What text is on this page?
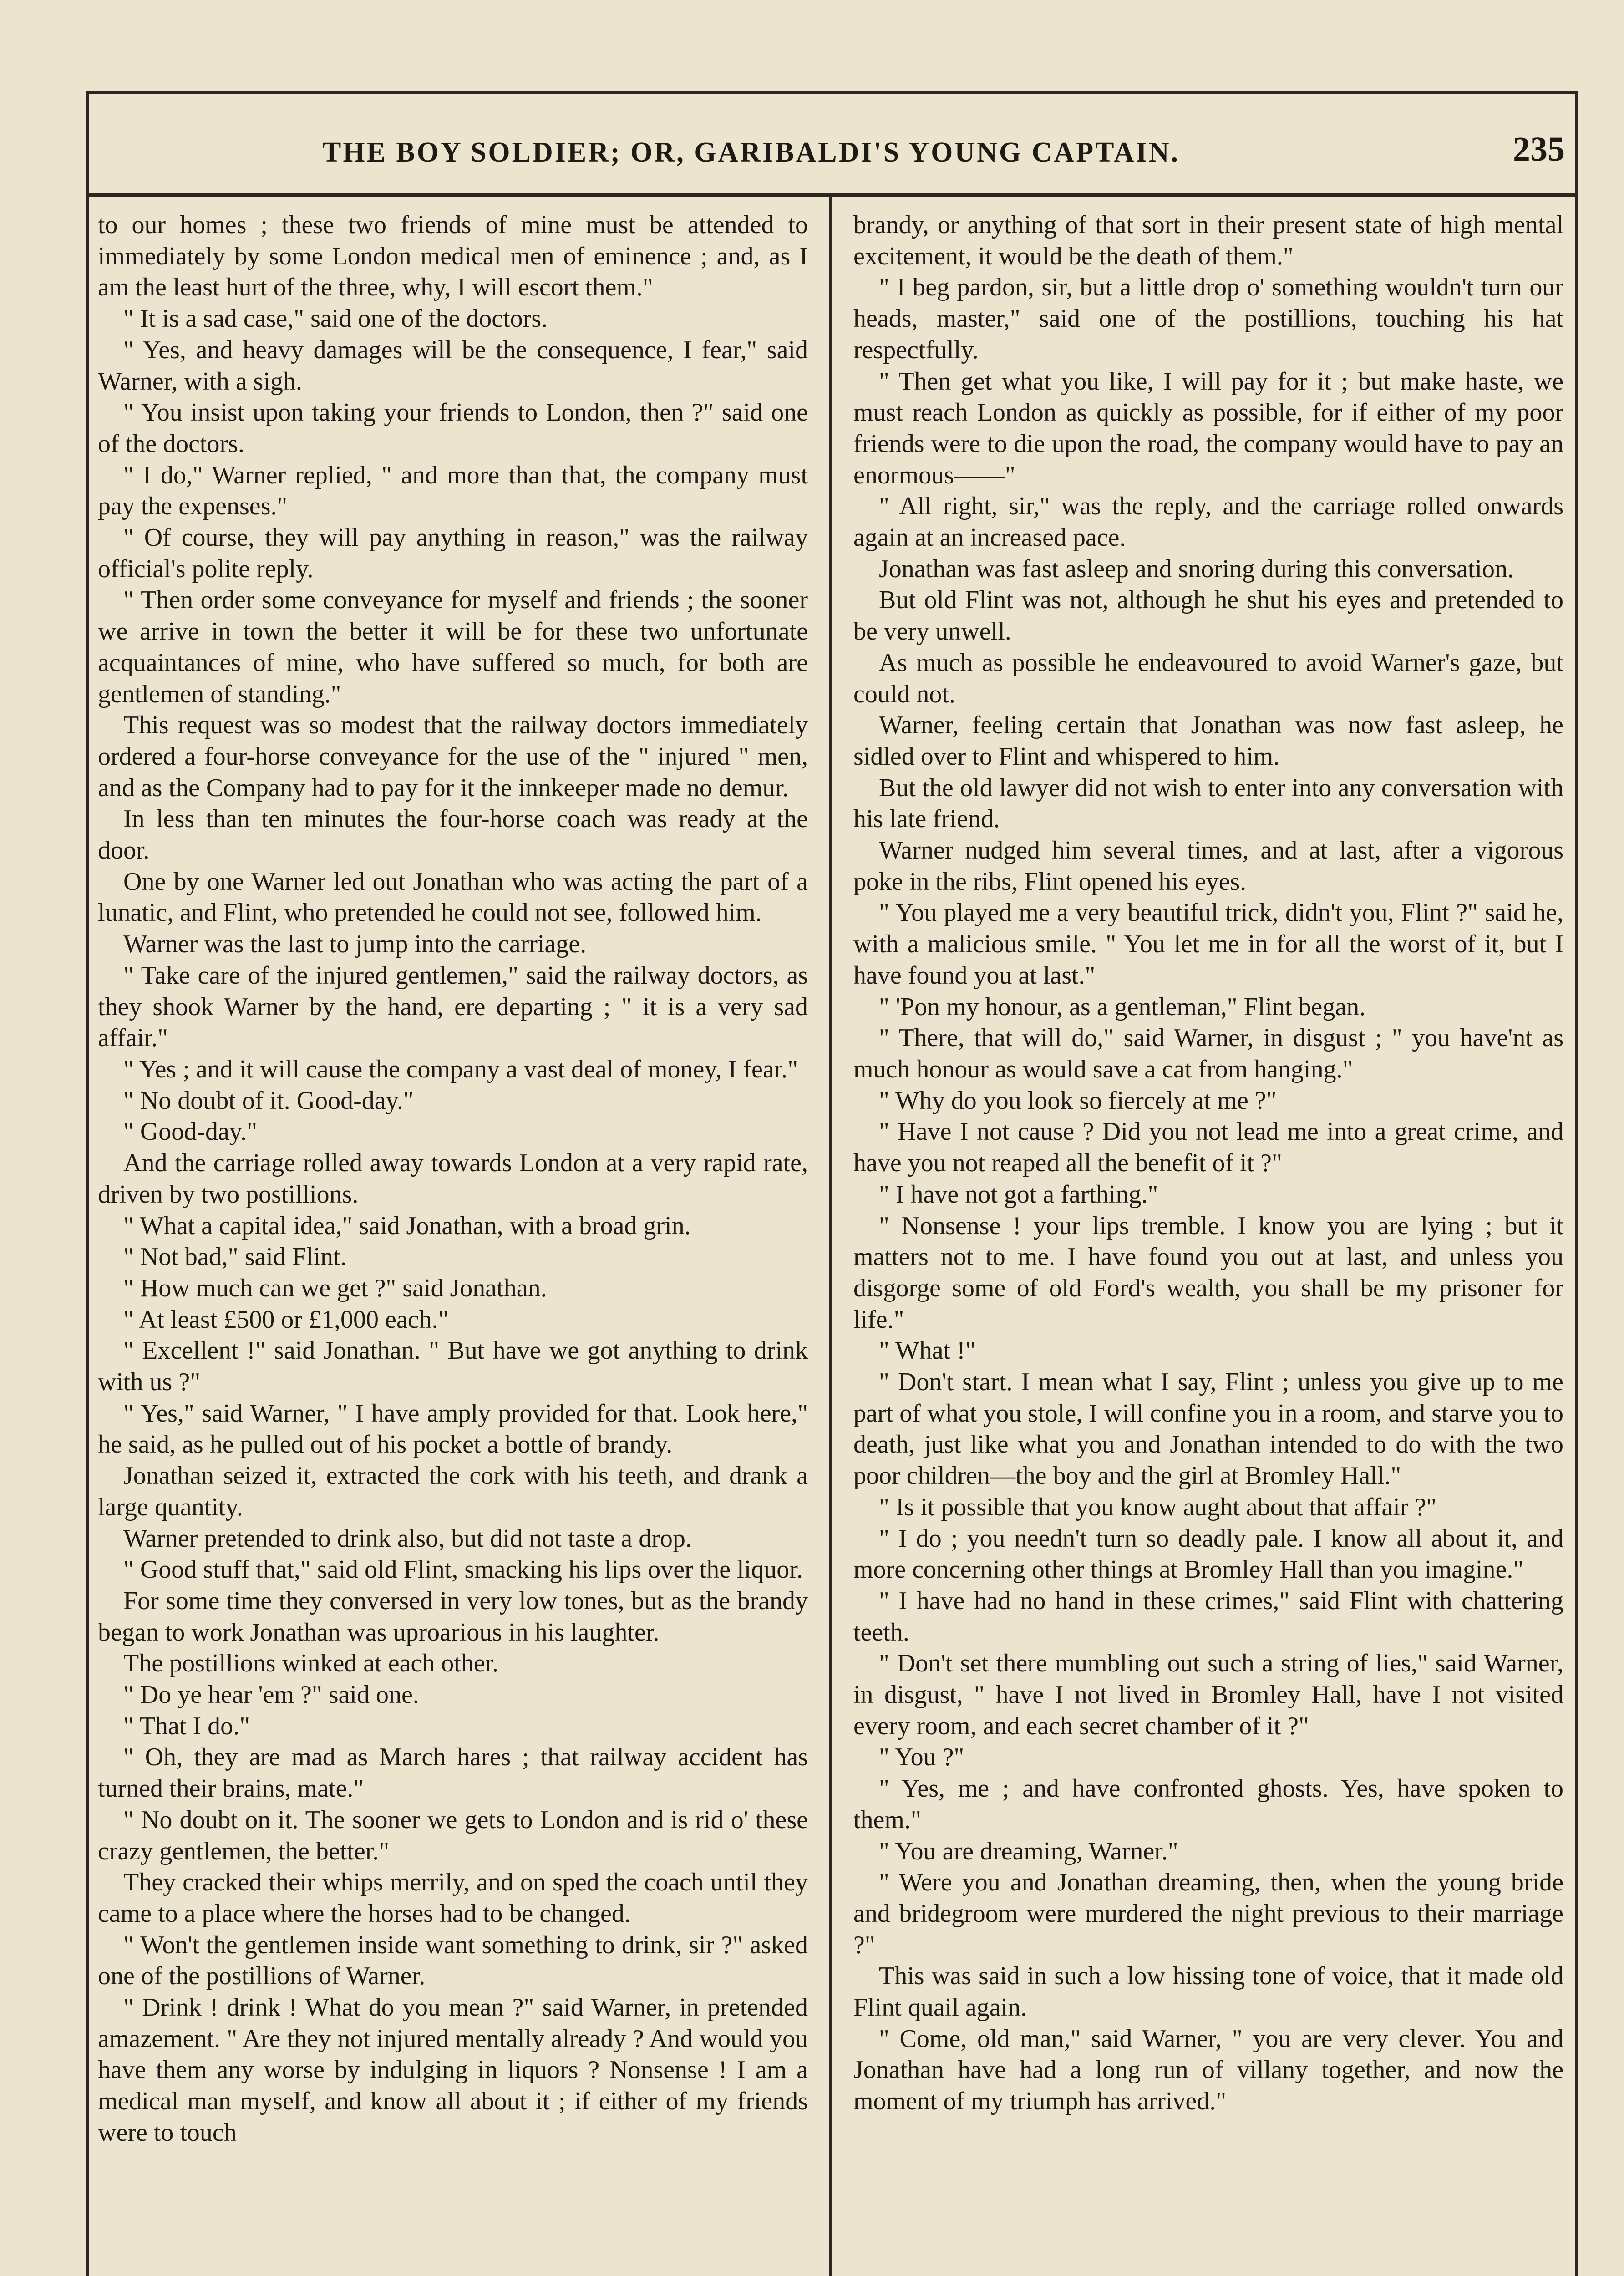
THE BOY SOLDIER; OR, GARIBALDI'S YOUNG CAPTAIN.	235

to our homes ; these two friends of mine must be attended to immediately by some London medical men of eminence ; and, as I am the least hurt of the three, why, I will escort them."

" It is a sad case," said one of the doctors.

" Yes, and heavy damages will be the consequence, I fear," said Warner, with a sigh.

" You insist upon taking your friends to London, then ?" said one of the doctors.

" I do," Warner replied, " and more than that, the company must pay the expenses."

" Of course, they will pay anything in reason," was the railway official's polite reply.

" Then order some conveyance for myself and friends ; the sooner we arrive in town the better it will be for these two unfortunate acquaintances of mine, who have suffered so much, for both are gentlemen of standing."

This request was so modest that the railway doctors immediately ordered a four-horse conveyance for the use of the " injured " men, and as the Company had to pay for it the innkeeper made no demur.

In less than ten minutes the four-horse coach was ready at the door.

One by one Warner led out Jonathan who was acting the part of a lunatic, and Flint, who pretended he could not see, followed him.

Warner was the last to jump into the carriage.

" Take care of the injured gentlemen," said the railway doctors, as they shook Warner by the hand, ere departing ; " it is a very sad affair."

" Yes ; and it will cause the company a vast deal of money, I fear."

" No doubt of it. Good-day."

" Good-day."

And the carriage rolled away towards London at a very rapid rate, driven by two postillions.

" What a capital idea," said Jonathan, with a broad grin.

" Not bad," said Flint.

" How much can we get ?" said Jonathan.

" At least £500 or £1,000 each."

" Excellent !" said Jonathan. " But have we got anything to drink with us ?"

" Yes," said Warner, " I have amply provided for that. Look here," he said, as he pulled out of his pocket a bottle of brandy.

Jonathan seized it, extracted the cork with his teeth, and drank a large quantity.

Warner pretended to drink also, but did not taste a drop.

" Good stuff that," said old Flint, smacking his lips over the liquor.

For some time they conversed in very low tones, but as the brandy began to work Jonathan was uproarious in his laughter.

The postillions winked at each other.

" Do ye hear 'em ?" said one.

" That I do."

" Oh, they are mad as March hares ; that railway accident has turned their brains, mate."

" No doubt on it. The sooner we gets to London and is rid o' these crazy gentlemen, the better."

They cracked their whips merrily, and on sped the coach until they came to a place where the horses had to be changed.

" Won't the gentlemen inside want something to drink, sir ?" asked one of the postillions of Warner.

" Drink ! drink ! What do you mean ?" said Warner, in pretended amazement. " Are they not injured mentally already ? And would you have them any worse by indulging in liquors ? Nonsense ! I am a medical man myself, and know all about it ; if either of my friends were to touch

brandy, or anything of that sort in their present state of high mental excitement, it would be the death of them."

" I beg pardon, sir, but a little drop o' something wouldn't turn our heads, master," said one of the postillions, touching his hat respectfully.

" Then get what you like, I will pay for it ; but make haste, we must reach London as quickly as possible, for if either of my poor friends were to die upon the road, the company would have to pay an enormous——"

" All right, sir," was the reply, and the carriage rolled onwards again at an increased pace.

Jonathan was fast asleep and snoring during this conversation.

But old Flint was not, although he shut his eyes and pretended to be very unwell.

As much as possible he endeavoured to avoid Warner's gaze, but could not.

Warner, feeling certain that Jonathan was now fast asleep, he sidled over to Flint and whispered to him.

But the old lawyer did not wish to enter into any conversation with his late friend.

Warner nudged him several times, and at last, after a vigorous poke in the ribs, Flint opened his eyes.

" You played me a very beautiful trick, didn't you, Flint ?" said he, with a malicious smile. " You let me in for all the worst of it, but I have found you at last."

" 'Pon my honour, as a gentleman," Flint began.

" There, that will do," said Warner, in disgust ; " you have'nt as much honour as would save a cat from hanging."

" Why do you look so fiercely at me ?"

" Have I not cause ? Did you not lead me into a great crime, and have you not reaped all the benefit of it ?"

" I have not got a farthing."

" Nonsense ! your lips tremble. I know you are lying ; but it matters not to me. I have found you out at last, and unless you disgorge some of old Ford's wealth, you shall be my prisoner for life."

" What !"

" Don't start. I mean what I say, Flint ; unless you give up to me part of what you stole, I will confine you in a room, and starve you to death, just like what you and Jonathan intended to do with the two poor children—the boy and the girl at Bromley Hall."

" Is it possible that you know aught about that affair ?"

" I do ; you needn't turn so deadly pale. I know all about it, and more concerning other things at Bromley Hall than you imagine."

" I have had no hand in these crimes," said Flint with chattering teeth.

" Don't set there mumbling out such a string of lies," said Warner, in disgust, " have I not lived in Bromley Hall, have I not visited every room, and each secret chamber of it ?"

" You ?"

" Yes, me ; and have confronted ghosts. Yes, have spoken to them."

" You are dreaming, Warner."

" Were you and Jonathan dreaming, then, when the young bride and bridegroom were murdered the night previous to their marriage ?"

This was said in such a low hissing tone of voice, that it made old Flint quail again.

" Come, old man," said Warner, " you are very clever. You and Jonathan have had a long run of villany together, and now the moment of my triumph has arrived."
